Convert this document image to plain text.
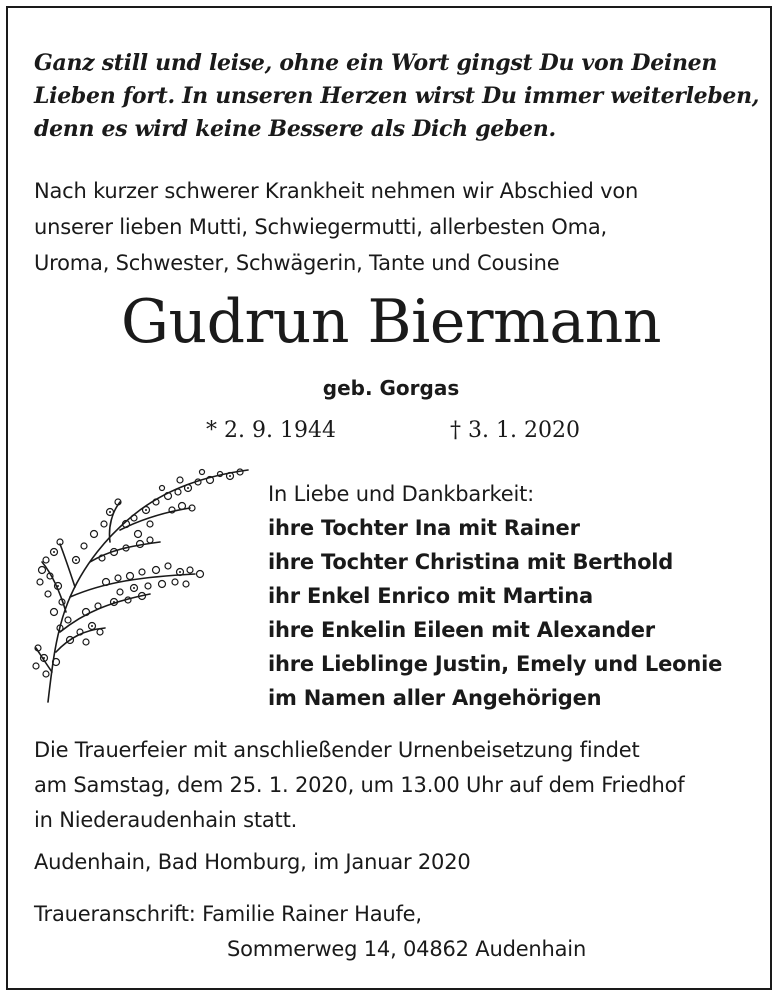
Ganz still und leise, ohne ein Wort gingst Du von Deinen
Lieben fort. In unseren Herzen wirst Du immer weiterleben,
denn es wird keine Bessere als Dich geben.
Nach kurzer schwerer Krankheit nehmen wir Abschied von
unserer lieben Mutti, Schwiegermutti, allerbesten Oma,
Uroma, Schwester, Schwägerin, Tante und Cousine
Gudrun Biermann
geb. Gorgas
* 2. 9. 1944	† 3. 1. 2020
In Liebe und Dankbarkeit:
ihre Tochter Ina mit Rainer
ihre Tochter Christina mit Berthold
ihr Enkel Enrico mit Martina
ihre Enkelin Eileen mit Alexander
ihre Lieblinge Justin, Emely und Leonie
im Namen aller Angehörigen
Die Trauerfeier mit anschließender Urnenbeisetzung findet
am Samstag, dem 25. 1. 2020, um 13.00 Uhr auf dem Friedhof
in Niederaudenhain statt.
Audenhain, Bad Homburg, im Januar 2020
Traueranschrift: Familie Rainer Haufe,
Sommerweg 14, 04862 Audenhain
